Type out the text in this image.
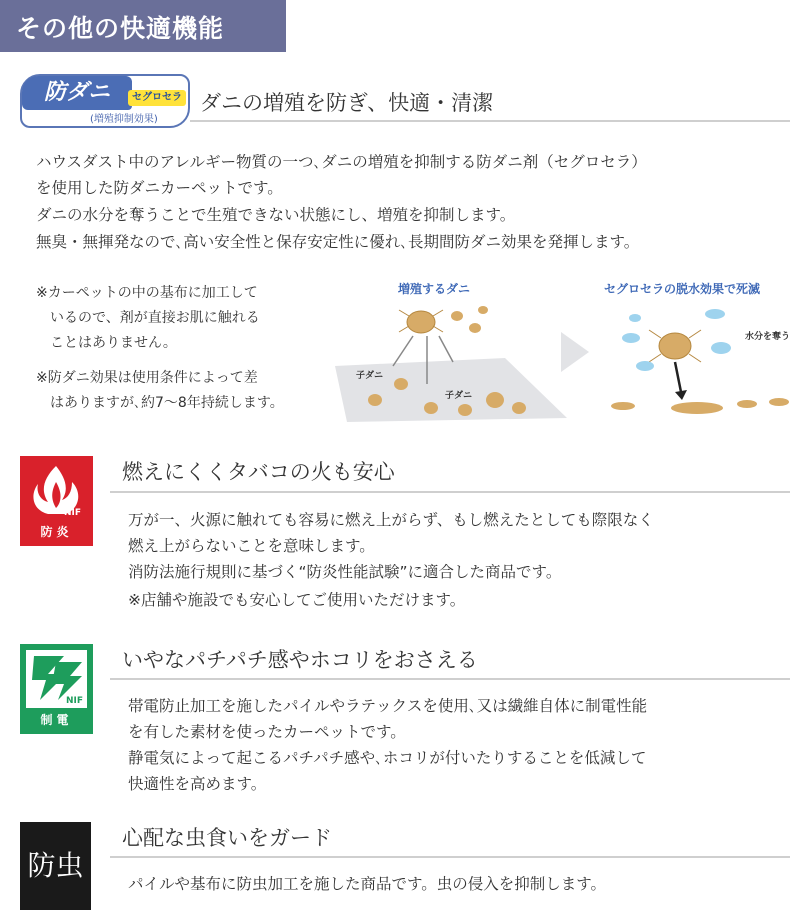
その他の快適機能
防ダニ	セグロセラ
(増殖抑制効果)
ダニの増殖を防ぎ、快適・清潔
ハウスダスト中のアレルギー物質の一つ､ダニの増殖を抑制する防ダニ剤（セグロセラ）
を使用した防ダニカーペットです。
ダニの水分を奪うことで生殖できない状態にし、増殖を抑制します。
無臭・無揮発なので､高い安全性と保存安定性に優れ､長期間防ダニ効果を発揮します。
※カーペットの中の基布に加工して
　いるので、剤が直接お肌に触れる
　ことはありません。
※防ダニ効果は使用条件によって差
　はありますが､約7～8年持続します。
増殖するダニ	セグロセラの脱水効果で死滅
子ダニ
子ダニ
水分を奪う
NIF
防炎
燃えにくくタバコの火も安心
万が一、火源に触れても容易に燃え上がらず、もし燃えたとしても際限なく
燃え上がらないことを意味します。
消防法施行規則に基づく“防炎性能試験”に適合した商品です。
※店舗や施設でも安心してご使用いただけます。
NIF
制電
いやなパチパチ感やホコリをおさえる
帯電防止加工を施したパイルやラテックスを使用､又は繊維自体に制電性能
を有した素材を使ったカーペットです。
静電気によって起こるパチパチ感や､ホコリが付いたりすることを低減して
快適性を高めます。
防虫
心配な虫食いをガード
パイルや基布に防虫加工を施した商品です。虫の侵入を抑制します。
